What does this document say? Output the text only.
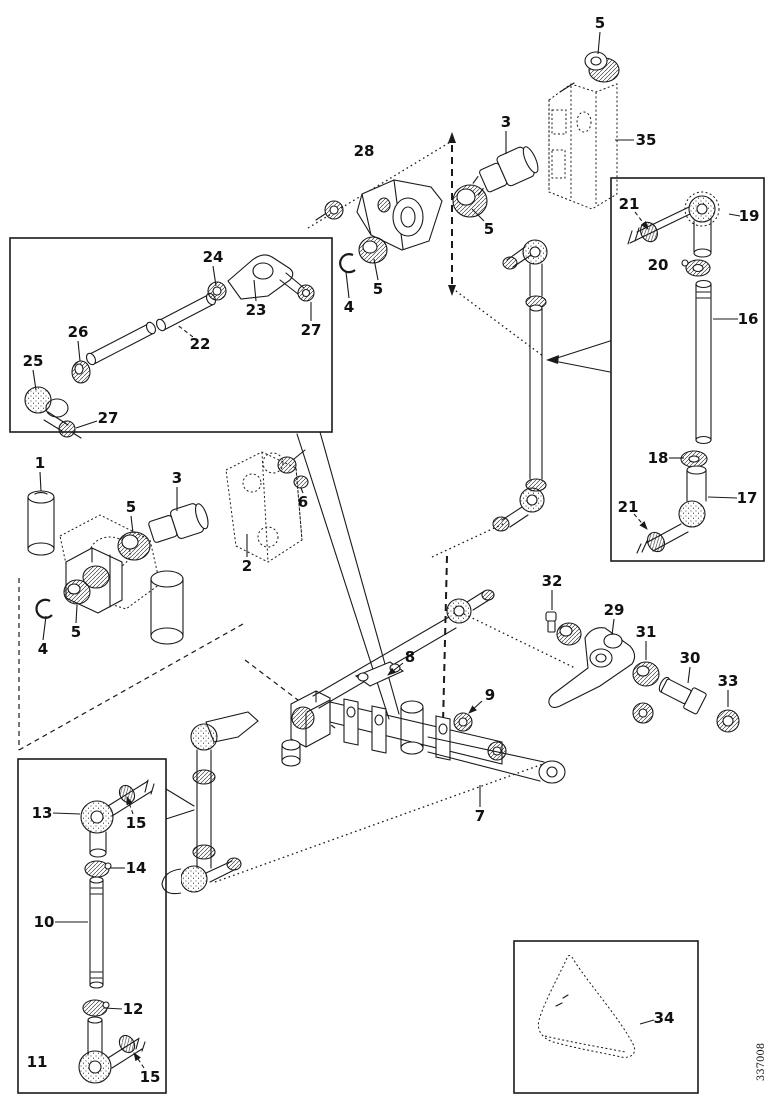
5
3
35
28
5
5
4
24
23
27
22
26
25
27
21
19
20
16
18
17
21
1
5
3
2
6
4
5
8
9
7
32
29
31
30
33
13
15
14
10
12
11
15
34
337008
